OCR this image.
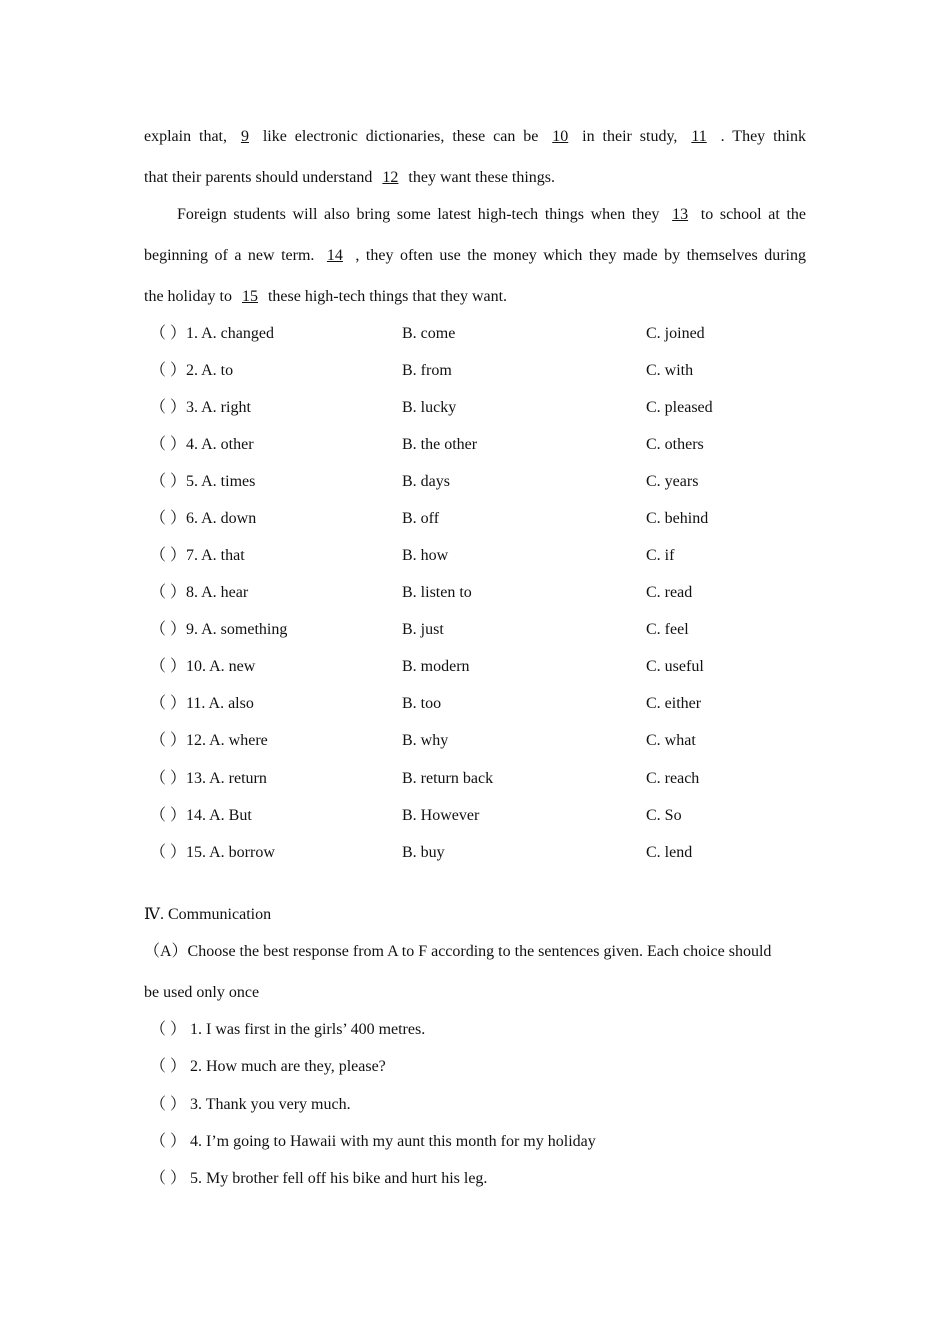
explain that, 9 like electronic dictionaries, these can be 10 in their study, 11 . They think
that their parents should understand 12 they want these things.
Foreign students will also bring some latest high-tech things when they 13 to school at the
beginning of a new term. 14 , they often use the money which they made by themselves during
the holiday to 15 these high-tech things that they want.
（ ） 1. A. changed	B. come	C. joined
（ ） 2. A. to	B. from	C. with
（ ） 3. A. right	B. lucky	C. pleased
（ ） 4. A. other	B. the other	C. others
（ ） 5. A. times	B. days	C. years
（ ） 6. A. down	B. off	C. behind
（ ） 7. A. that	B. how	C. if
（ ） 8. A. hear	B. listen to	C. read
（ ） 9. A. something	B. just	C. feel
（ ） 10. A. new	B. modern	C. useful
（ ） 11. A. also	B. too	C. either
（ ） 12. A. where	B. why	C. what
（ ） 13. A. return	B. return back	C. reach
（ ） 14. A. But	B. However	C. So
（ ） 15. A. borrow	B. buy	C. lend
Ⅳ. Communication
（A）Choose the best response from A to F according to the sentences given. Each choice should
be used only once
（ ） 1. I was first in the girls’ 400 metres.
（ ） 2. How much are they, please?
（ ） 3. Thank you very much.
（ ） 4. I’m going to Hawaii with my aunt this month for my holiday
（ ） 5. My brother fell off his bike and hurt his leg.
